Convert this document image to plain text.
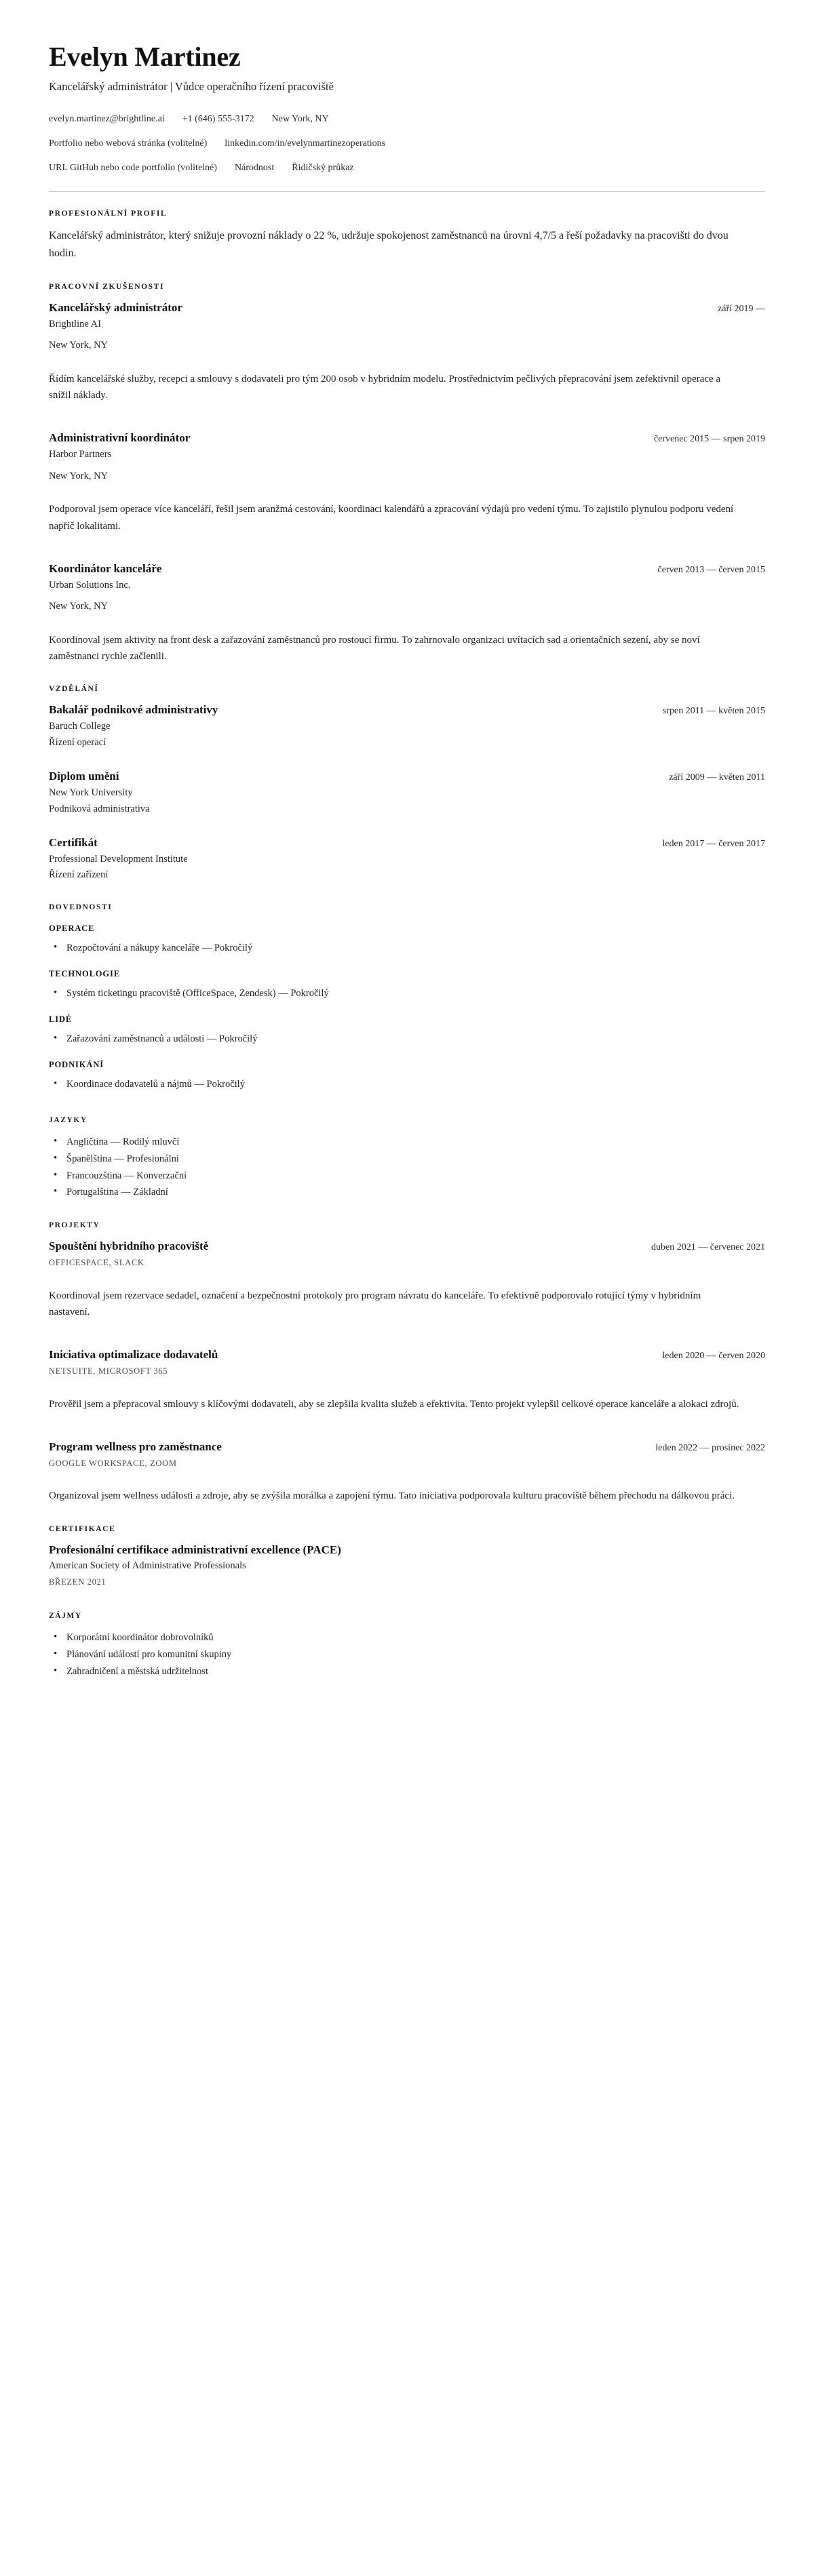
Evelyn Martinez
Kancelářský administrátor | Vůdce operačního řízení pracoviště
evelyn.martinez@brightline.ai +1 (646) 555-3172 New York, NY
Portfolio nebo webová stránka (volitelné) linkedin.com/in/evelynmartinezoperations
URL GitHub nebo code portfolio (volitelné) Národnost Řidičský průkaz
PROFESIONÁLNÍ PROFIL

Kancelářský administrátor, který snižuje provozní náklady o 22 %, udržuje spokojenost zaměstnanců na úrovni 4,7/5 a řeší požadavky na pracovišti do dvou hodin.

PRACOVNÍ ZKUŠENOSTI
Kancelářský administrátor	září 2019 —
Brightline AI
New York, NY

Řídím kancelářské služby, recepci a smlouvy s dodavateli pro tým 200 osob v hybridním modelu. Prostřednictvím pečlivých přepracování jsem zefektivnil operace a snížil náklady.

Administrativní koordinátor	červenec 2015 — srpen 2019
Harbor Partners
New York, NY

Podporoval jsem operace více kanceláří, řešil jsem aranžmá cestování, koordinaci kalendářů a zpracování výdajů pro vedení týmu. To zajistilo plynulou podporu vedení napříč lokalitami.

Koordinátor kanceláře	červen 2013 — červen 2015
Urban Solutions Inc.
New York, NY

Koordinoval jsem aktivity na front desk a zařazování zaměstnanců pro rostoucí firmu. To zahrnovalo organizaci uvítacích sad a orientačních sezení, aby se noví zaměstnanci rychle začlenili.

VZDĚLÁNÍ
Bakalář podnikové administrativy	srpen 2011 — květen 2015
Baruch College
Řízení operací
Diplom umění	září 2009 — květen 2011
New York University
Podniková administrativa
Certifikát	leden 2017 — červen 2017
Professional Development Institute
Řízení zařízení
DOVEDNOSTI
OPERACE
• Rozpočtování a nákupy kanceláře — Pokročilý
TECHNOLOGIE
• Systém ticketingu pracoviště (OfficeSpace, Zendesk) — Pokročilý
LIDÉ
• Zařazování zaměstnanců a události — Pokročilý
PODNIKÁNÍ
• Koordinace dodavatelů a nájmů — Pokročilý
JAZYKY
• Angličtina — Rodilý mluvčí
• Španělština — Profesionální
• Francouzština — Konverzační
• Portugalština — Základní
PROJEKTY
Spouštění hybridního pracoviště	duben 2021 — červenec 2021
OFFICESPACE, SLACK

Koordinoval jsem rezervace sedadel, označení a bezpečnostní protokoly pro program návratu do kanceláře. To efektivně podporovalo rotující týmy v hybridním nastavení.

Iniciativa optimalizace dodavatelů	leden 2020 — červen 2020
NETSUITE, MICROSOFT 365

Prověřil jsem a přepracoval smlouvy s klíčovými dodavateli, aby se zlepšila kvalita služeb a efektivita. Tento projekt vylepšil celkové operace kanceláře a alokaci zdrojů.

Program wellness pro zaměstnance	leden 2022 — prosinec 2022
GOOGLE WORKSPACE, ZOOM

Organizoval jsem wellness události a zdroje, aby se zvýšila morálka a zapojení týmu. Tato iniciativa podporovala kulturu pracoviště během přechodu na dálkovou práci.

CERTIFIKACE
Profesionální certifikace administrativní excellence (PACE)
American Society of Administrative Professionals
BŘEZEN 2021
ZÁJMY
• Korporátní koordinátor dobrovolníků
• Plánování událostí pro komunitní skupiny
• Zahradničení a městská udržitelnost
